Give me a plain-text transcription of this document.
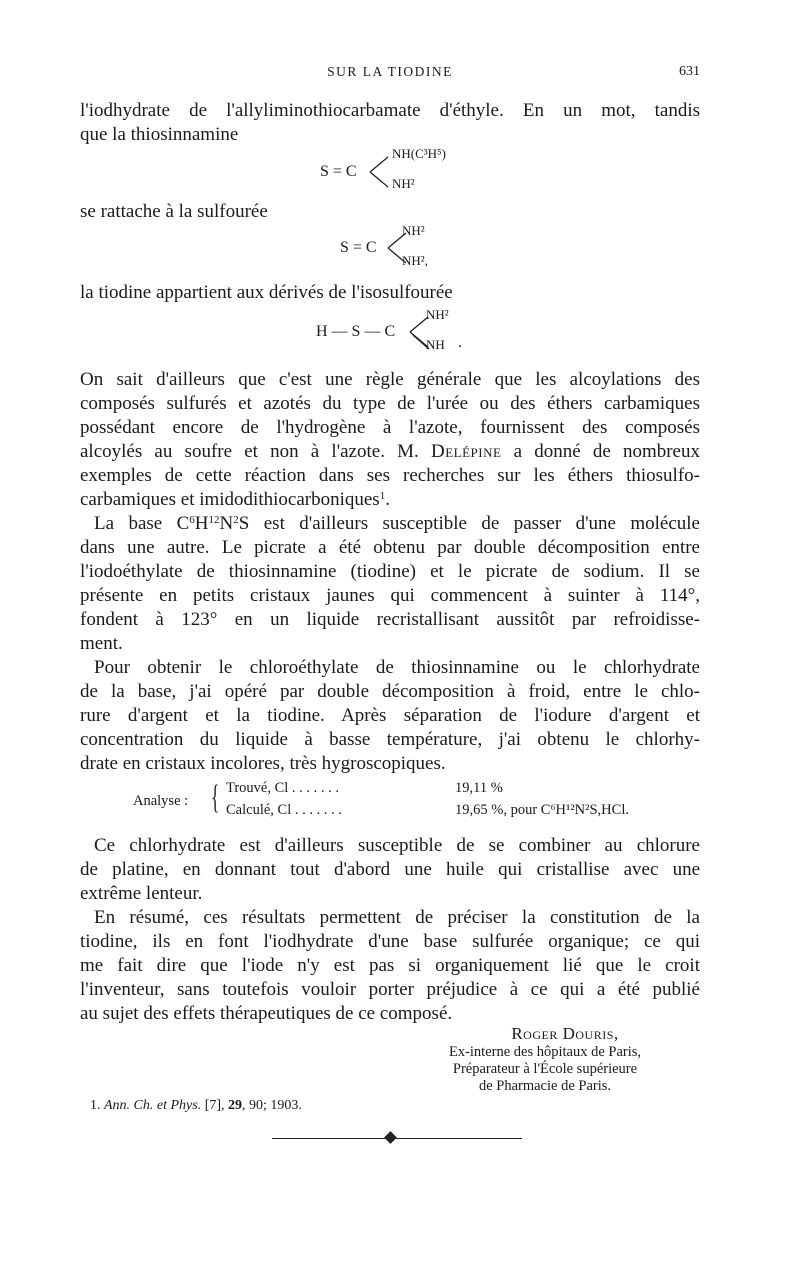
SUR LA TIODINE	631
l'iodhydrate de l'allyliminothiocarbamate d'éthyle. En un mot, tandis
que la thiosinnamine
S = C
NH(C³H⁵)
NH²
se rattache à la sulfourée
S = C
NH²
NH²,
la tiodine appartient aux dérivés de l'isosulfourée
H — S — C
NH²
NH .
On sait d'ailleurs que c'est une règle générale que les alcoylations des
composés sulfurés et azotés du type de l'urée ou des éthers carbamiques
possédant encore de l'hydrogène à l'azote, fournissent des composés
alcoylés au soufre et non à l'azote. M. Delépine a donné de nombreux
exemples de cette réaction dans ses recherches sur les éthers thiosulfo-
carbamiques et imidodithiocarboniques$^1$.
La base $C^6H^{12}N^2S$ est d'ailleurs susceptible de passer d'une molécule
dans une autre. Le picrate a été obtenu par double décomposition entre
l'iodoéthylate de thiosinnamine (tiodine) et le picrate de sodium. Il se
présente en petits cristaux jaunes qui commencent à suinter à 114°,
fondent à 123° en un liquide recristallisant aussitôt par refroidisse-
ment.
Pour obtenir le chloroéthylate de thiosinnamine ou le chlorhydrate
de la base, j'ai opéré par double décomposition à froid, entre le chlo-
rure d'argent et la tiodine. Après séparation de l'iodure d'argent et
concentration du liquide à basse température, j'ai obtenu le chlorhy-
drate en cristaux incolores, très hygroscopiques.
Analyse : { Trouvé, Cl . . . . . . .	19,11 %
Calculé, Cl . . . . . . .	19,65 %, pour C⁶H¹²N²S,HCl.
Ce chlorhydrate est d'ailleurs susceptible de se combiner au chlorure
de platine, en donnant tout d'abord une huile qui cristallise avec une
extrême lenteur.
En résumé, ces résultats permettent de préciser la constitution de la
tiodine, ils en font l'iodhydrate d'une base sulfurée organique; ce qui
me fait dire que l'iode n'y est pas si organiquement lié que le croit
l'inventeur, sans toutefois vouloir porter préjudice à ce qui a été publié
au sujet des effets thérapeutiques de ce composé.
Roger Douris,
Ex-interne des hôpitaux de Paris,
Préparateur à l'École supérieure
de Pharmacie de Paris.
1. Ann. Ch. et Phys. [7], 29, 90; 1903.
